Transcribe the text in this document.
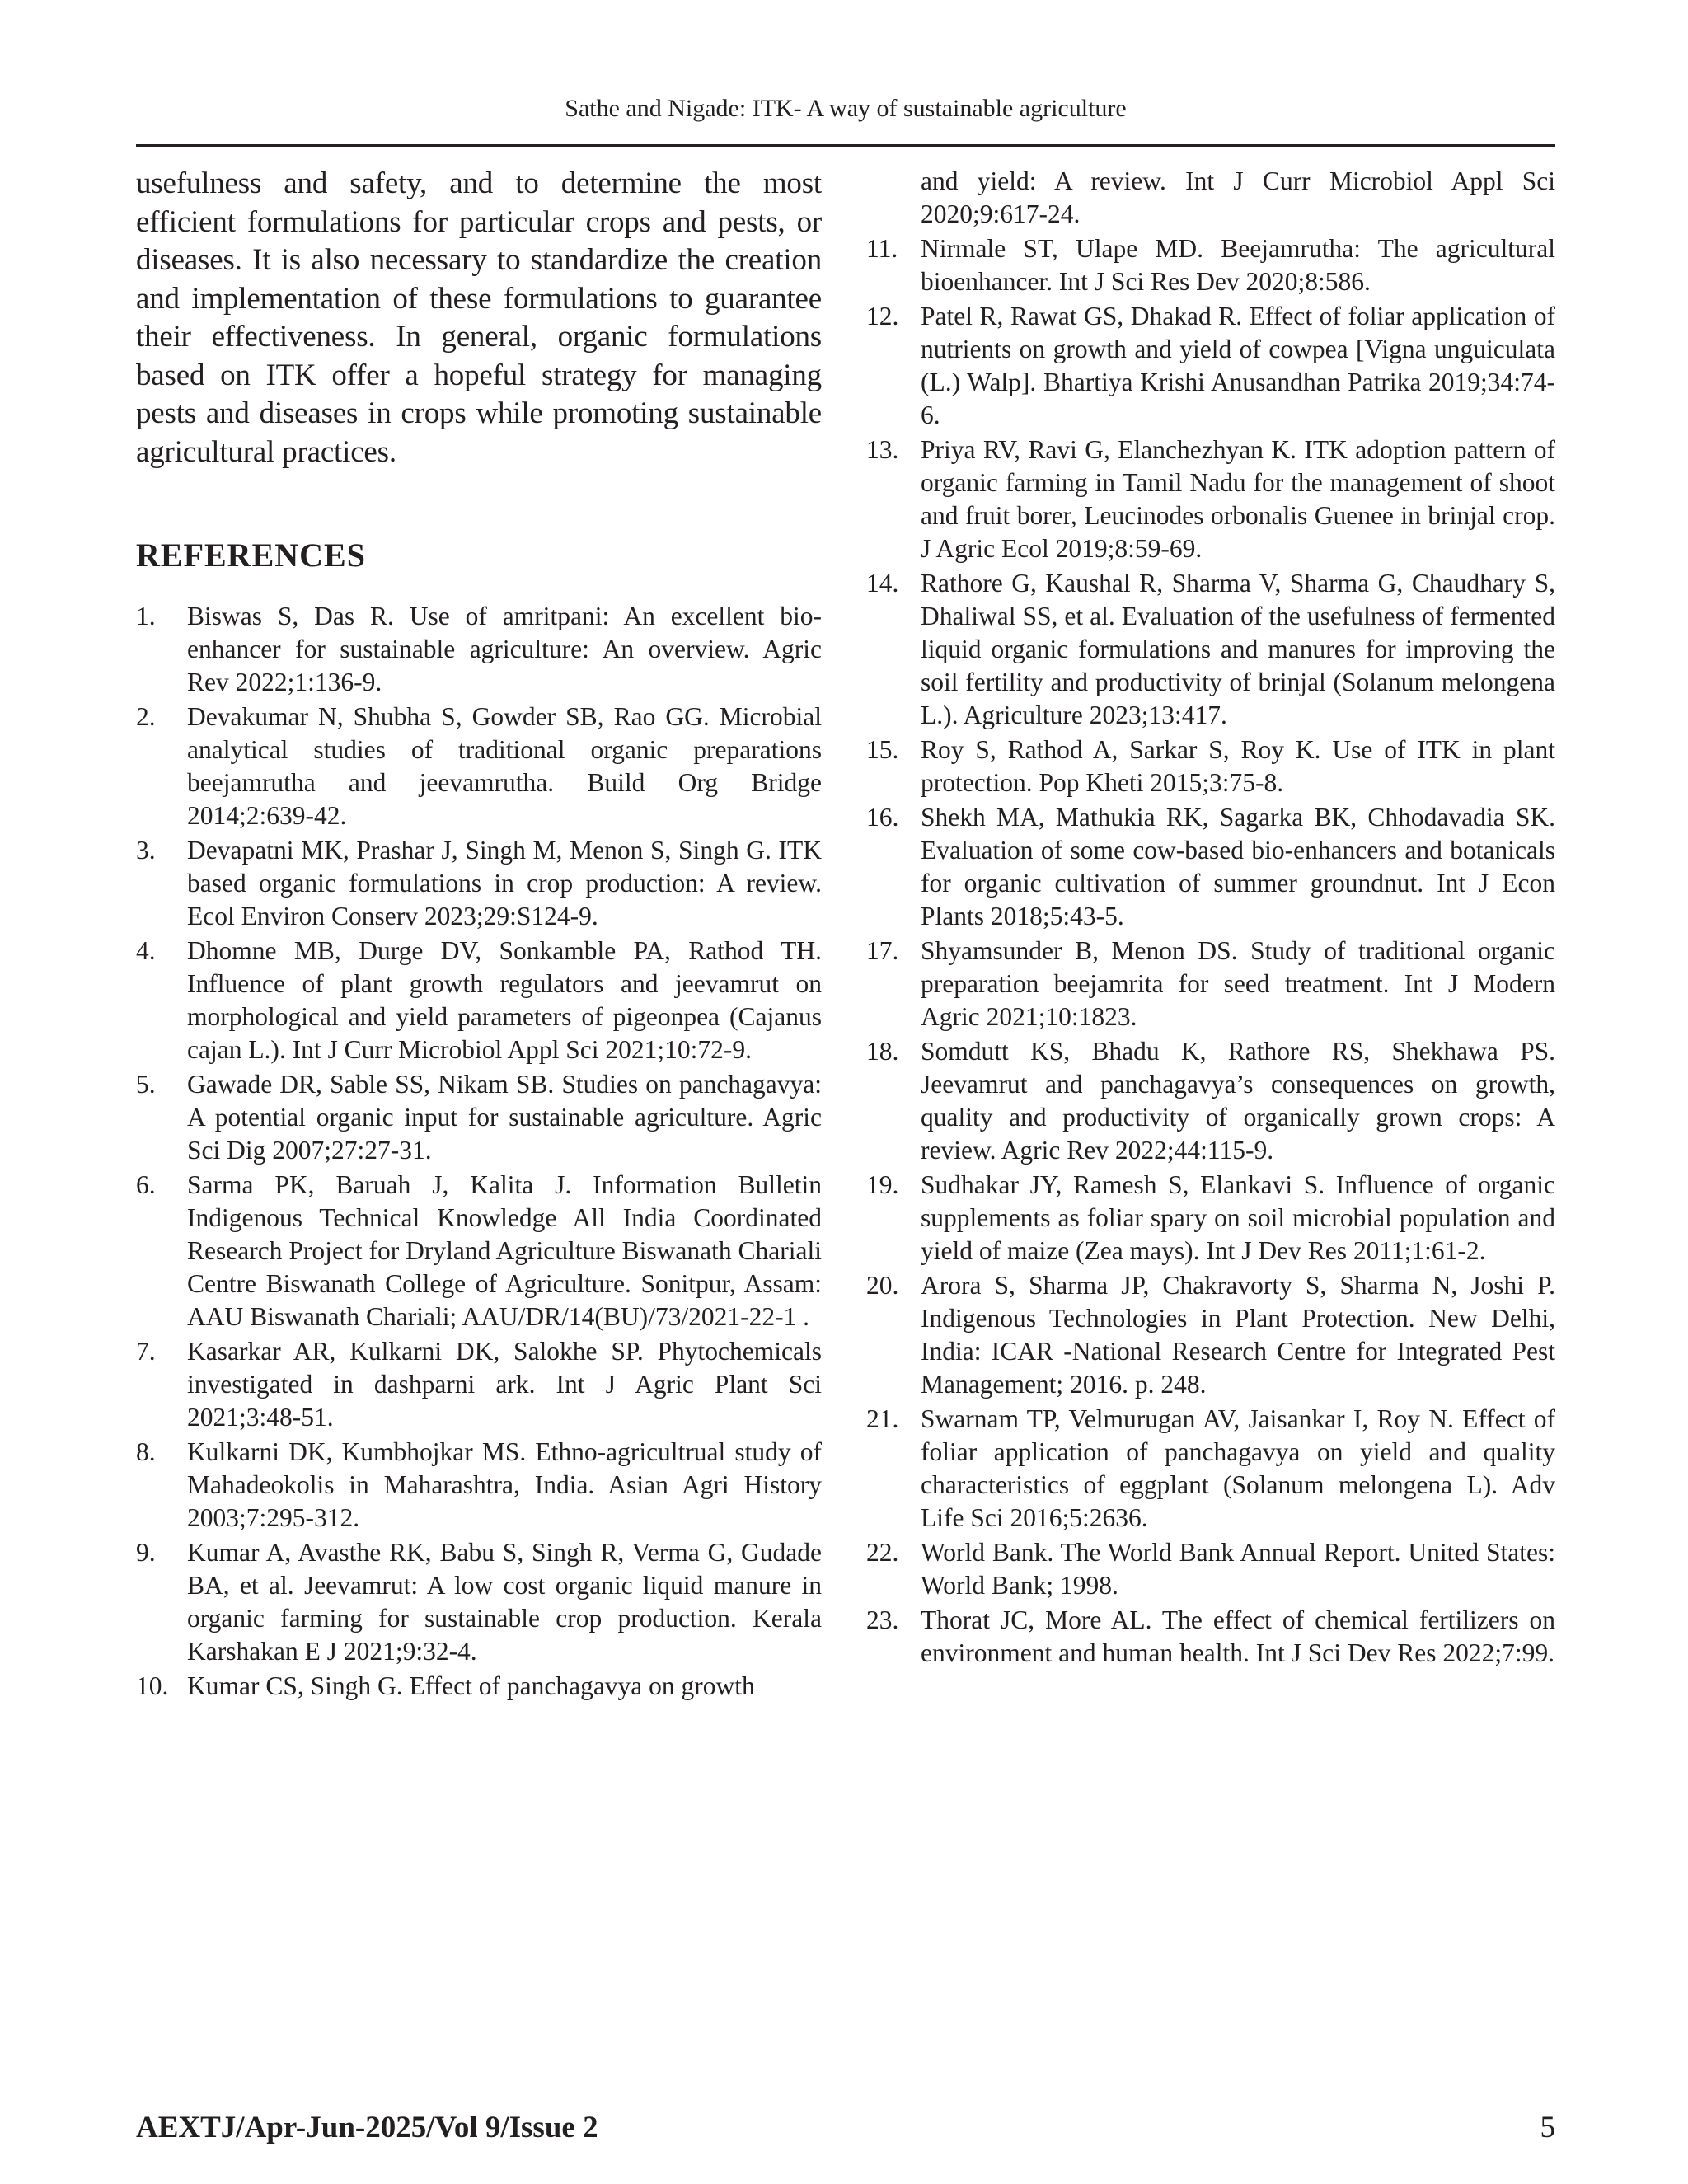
Sathe and Nigade: ITK- A way of sustainable agriculture

usefulness and safety, and to determine the most efficient formulations for particular crops and pests, or diseases. It is also necessary to standardize the creation and implementation of these formulations to guarantee their effectiveness. In general, organic formulations based on ITK offer a hopeful strategy for managing pests and diseases in crops while promoting sustainable agricultural practices.

REFERENCES
1.	Biswas S, Das R. Use of amritpani: An excellent bio-enhancer for sustainable agriculture: An overview. Agric Rev 2022;1:136-9.
2.	Devakumar N, Shubha S, Gowder SB, Rao GG. Microbial analytical studies of traditional organic preparations beejamrutha and jeevamrutha. Build Org Bridge 2014;2:639-42.
3.	Devapatni MK, Prashar J, Singh M, Menon S, Singh G. ITK based organic formulations in crop production: A review. Ecol Environ Conserv 2023;29:S124-9.
4.	Dhomne MB, Durge DV, Sonkamble PA, Rathod TH. Influence of plant growth regulators and jeevamrut on morphological and yield parameters of pigeonpea (Cajanus cajan L.). Int J Curr Microbiol Appl Sci 2021;10:72-9.
5.	Gawade DR, Sable SS, Nikam SB. Studies on panchagavya: A potential organic input for sustainable agriculture. Agric Sci Dig 2007;27:27-31.
6.	Sarma PK, Baruah J, Kalita J. Information Bulletin Indigenous Technical Knowledge All India Coordinated Research Project for Dryland Agriculture Biswanath Chariali Centre Biswanath College of Agriculture. Sonitpur, Assam: AAU Biswanath Chariali; AAU/DR/14(BU)/73/2021-22-1 .
7.	Kasarkar AR, Kulkarni DK, Salokhe SP. Phytochemicals investigated in dashparni ark. Int J Agric Plant Sci 2021;3:48-51.
8.	Kulkarni DK, Kumbhojkar MS. Ethno-agricultrual study of Mahadeokolis in Maharashtra, India. Asian Agri History 2003;7:295-312.
9.	Kumar A, Avasthe RK, Babu S, Singh R, Verma G, Gudade BA, et al. Jeevamrut: A low cost organic liquid manure in organic farming for sustainable crop production. Kerala Karshakan E J 2021;9:32-4.
10. Kumar CS, Singh G. Effect of panchagavya on growth
and yield: A review. Int J Curr Microbiol Appl Sci 2020;9:617-24.
11. Nirmale ST, Ulape MD. Beejamrutha: The agricultural bioenhancer. Int J Sci Res Dev 2020;8:586.
12. Patel R, Rawat GS, Dhakad R. Effect of foliar application of nutrients on growth and yield of cowpea [Vigna unguiculata (L.) Walp]. Bhartiya Krishi Anusandhan Patrika 2019;34:74-6.
13. Priya RV, Ravi G, Elanchezhyan K. ITK adoption pattern of organic farming in Tamil Nadu for the management of shoot and fruit borer, Leucinodes orbonalis Guenee in brinjal crop. J Agric Ecol 2019;8:59-69.
14. Rathore G, Kaushal R, Sharma V, Sharma G, Chaudhary S, Dhaliwal SS, et al. Evaluation of the usefulness of fermented liquid organic formulations and manures for improving the soil fertility and productivity of brinjal (Solanum melongena L.). Agriculture 2023;13:417.
15. Roy S, Rathod A, Sarkar S, Roy K. Use of ITK in plant protection. Pop Kheti 2015;3:75-8.
16. Shekh MA, Mathukia RK, Sagarka BK, Chhodavadia SK. Evaluation of some cow-based bio-enhancers and botanicals for organic cultivation of summer groundnut. Int J Econ Plants 2018;5:43-5.
17. Shyamsunder B, Menon DS. Study of traditional organic preparation beejamrita for seed treatment. Int J Modern Agric 2021;10:1823.
18. Somdutt KS, Bhadu K, Rathore RS, Shekhawa PS. Jeevamrut and panchagavya’s consequences on growth, quality and productivity of organically grown crops: A review. Agric Rev 2022;44:115-9.
19. Sudhakar JY, Ramesh S, Elankavi S. Influence of organic supplements as foliar spary on soil microbial population and yield of maize (Zea mays). Int J Dev Res 2011;1:61-2.
20. Arora S, Sharma JP, Chakravorty S, Sharma N, Joshi P. Indigenous Technologies in Plant Protection. New Delhi, India: ICAR -National Research Centre for Integrated Pest Management; 2016. p. 248.
21. Swarnam TP, Velmurugan AV, Jaisankar I, Roy N. Effect of foliar application of panchagavya on yield and quality characteristics of eggplant (Solanum melongena L). Adv Life Sci 2016;5:2636.
22. World Bank. The World Bank Annual Report. United States: World Bank; 1998.
23. Thorat JC, More AL. The effect of chemical fertilizers on environment and human health. Int J Sci Dev Res 2022;7:99.
AEXTJ/Apr-Jun-2025/Vol 9/Issue 2	5
